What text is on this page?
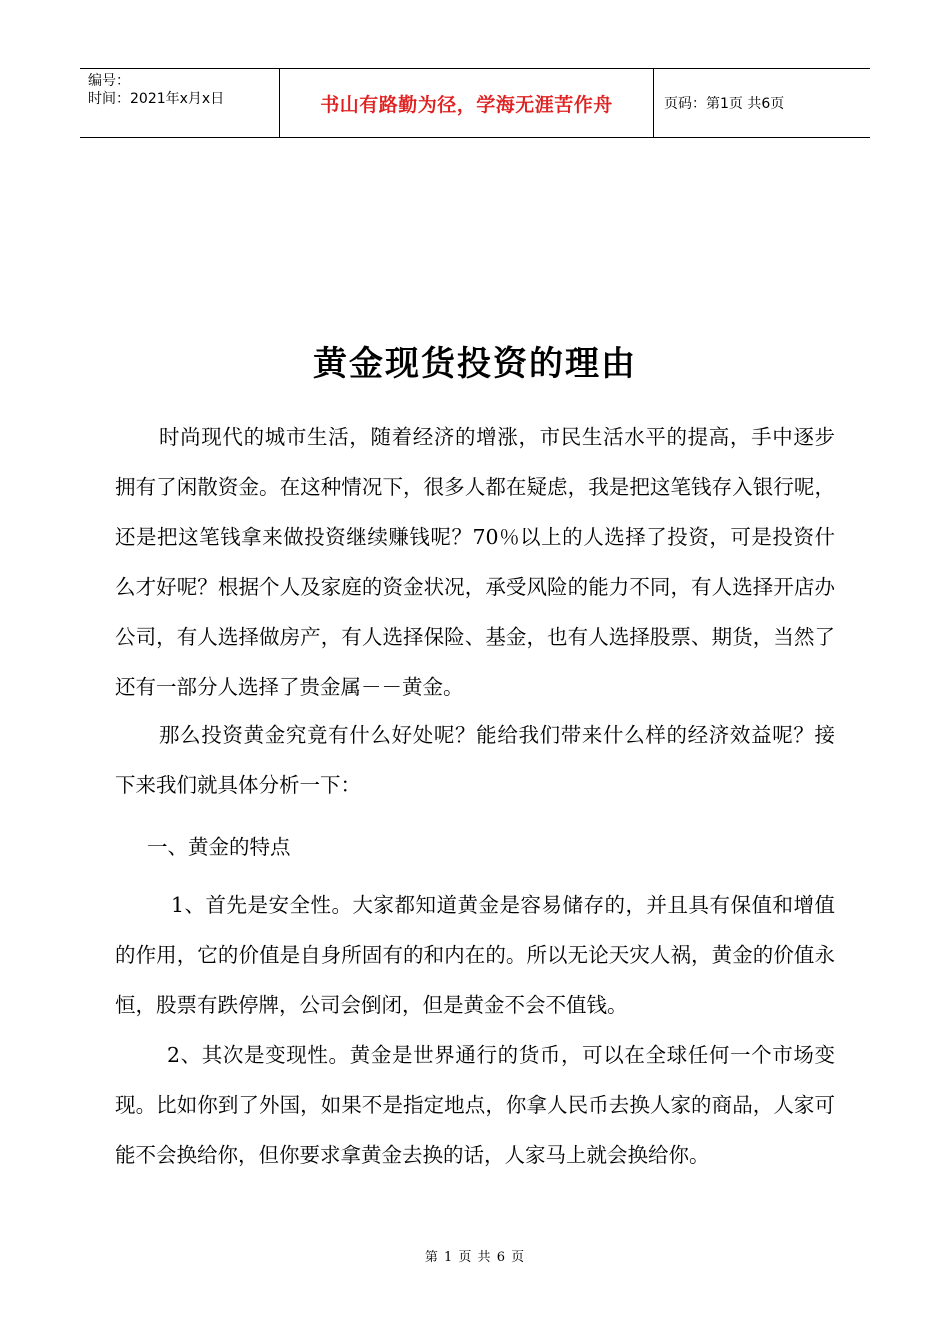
编号：
时间：2021年x月x日	书山有路勤为径，学海无涯苦作舟	页码：第1页 共6页
黄金现货投资的理由

时尚现代的城市生活，随着经济的增涨，市民生活水平的提高，手中逐步拥有了闲散资金。在这种情况下，很多人都在疑虑，我是把这笔钱存入银行呢，还是把这笔钱拿来做投资继续赚钱呢？70％以上的人选择了投资，可是投资什么才好呢？根据个人及家庭的资金状况，承受风险的能力不同，有人选择开店办公司，有人选择做房产，有人选择保险、基金，也有人选择股票、期货，当然了还有一部分人选择了贵金属－－黄金。

那么投资黄金究竟有什么好处呢？能给我们带来什么样的经济效益呢？接下来我们就具体分析一下：

一、黄金的特点

1、首先是安全性。大家都知道黄金是容易储存的，并且具有保值和增值的作用，它的价值是自身所固有的和内在的。所以无论天灾人祸，黄金的价值永恒，股票有跌停牌，公司会倒闭，但是黄金不会不值钱。

2、其次是变现性。黄金是世界通行的货币，可以在全球任何一个市场变现。比如你到了外国，如果不是指定地点，你拿人民币去换人家的商品，人家可能不会换给你，但你要求拿黄金去换的话，人家马上就会换给你。

第 1 页 共 6 页
